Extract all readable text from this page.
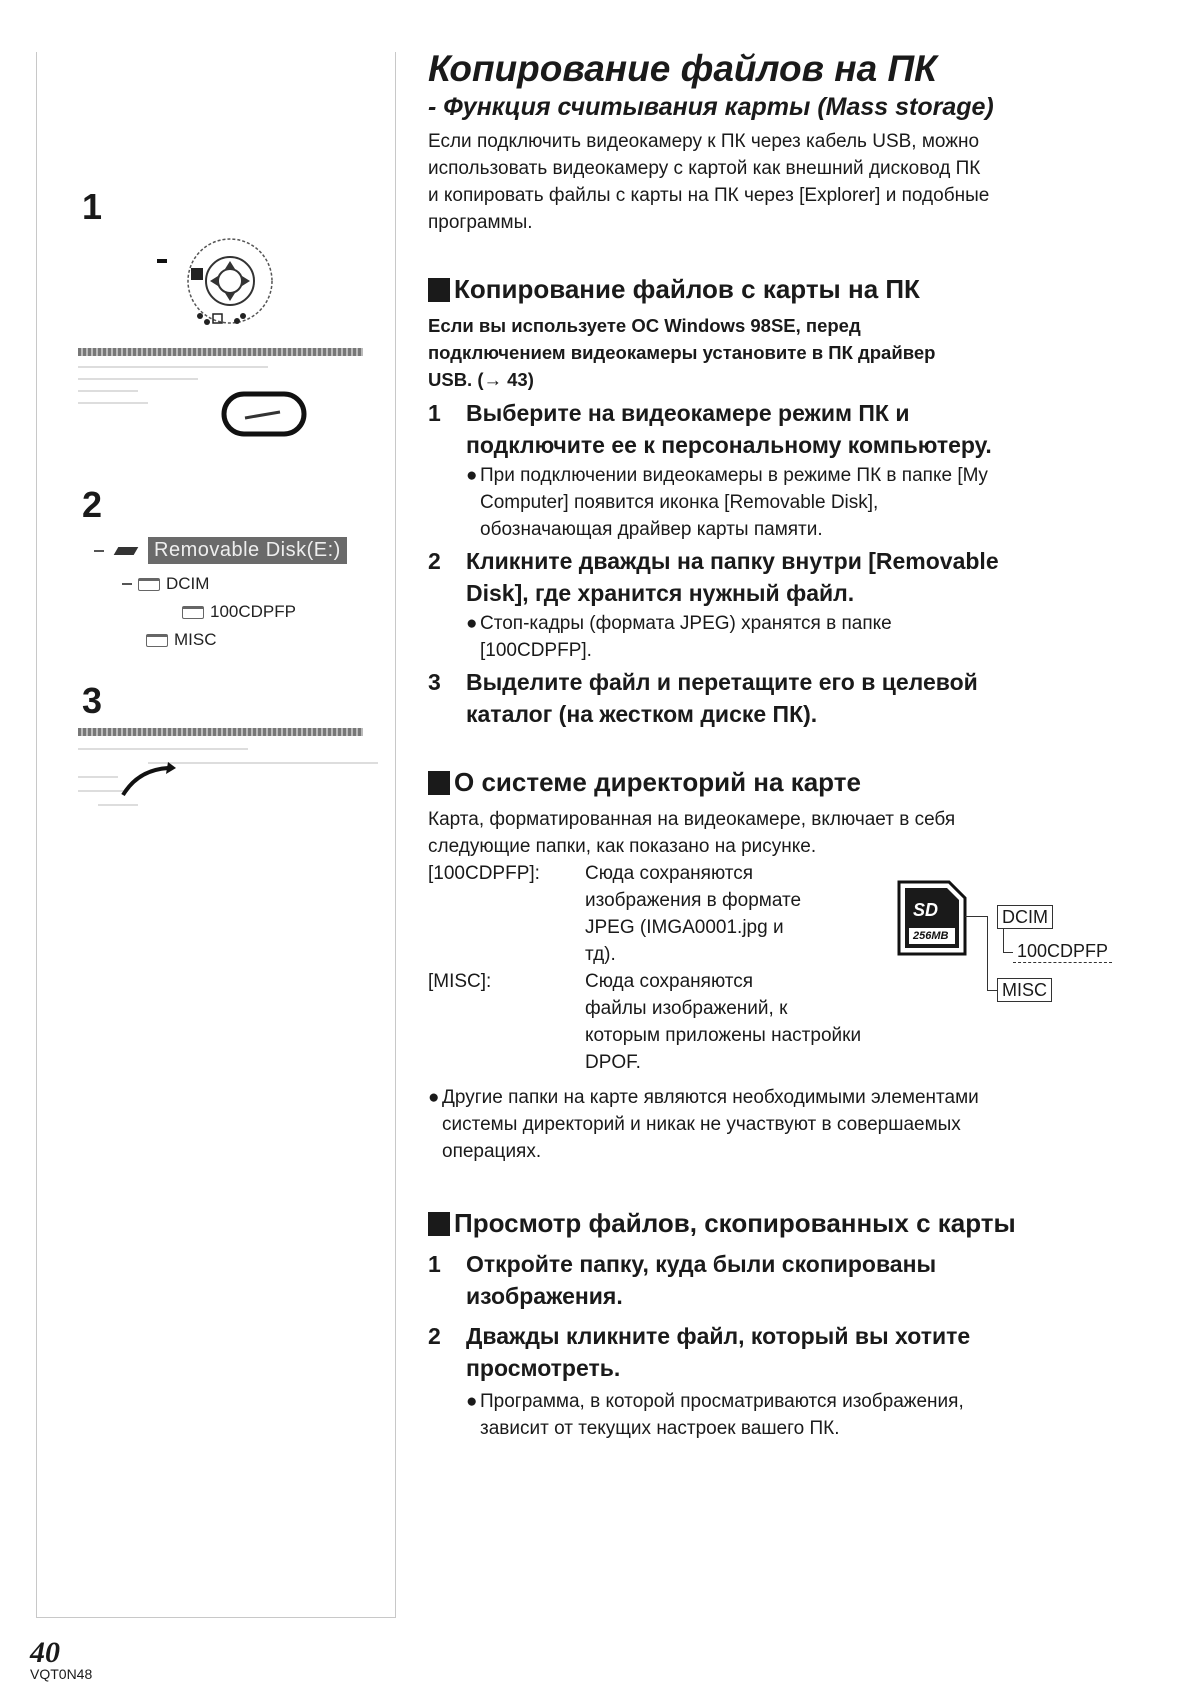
1
2
Removable Disk(E:)
DCIM
100CDPFP
MISC
3
Копирование файлов на ПК
- Функция считывания карты (Mass storage)
Если подключить видеокамеру к ПК через кабель USB, можно
использовать видеокамеру с картой как внешний дисковод ПК
и копировать файлы с карты на ПК через [Explorer] и подобные
программы.
Копирование файлов с карты на ПК
Если вы используете ОС Windows 98SE, перед
подключением видеокамеры установите в ПК драйвер
USB. (→ 43)
1	Выберите на видеокамере режим ПК и
подключите ее к персональному компьютеру.
● При подключении видеокамеры в режиме ПК в папке [My
Computer] появится иконка [Removable Disk],
обозначающая драйвер карты памяти.
2	Кликните дважды на папку внутри [Removable
Disk], где хранится нужный файл.
● Стоп-кадры (формата JPEG) хранятся в папке
[100CDPFP].
3	Выделите файл и перетащите его в целевой
каталог (на жестком диске ПК).
О системе директорий на карте
Карта, форматированная на видеокамере, включает в себя
следующие папки, как показано на рисунке.
[100CDPFP]:	Сюда сохраняются
изображения в формате
JPEG (IMGA0001.jpg и
тд).
[MISC]:	Сюда сохраняются
файлы изображений, к
которым приложены настройки DPOF.
SD
256MB
DCIM
100CDPFP
MISC
● Другие папки на карте являются необходимыми элементами
системы директорий и никак не участвуют в совершаемых
операциях.
Просмотр файлов, скопированных с карты
1	Откройте папку, куда были скопированы
изображения.
2	Дважды кликните файл, который вы хотите
просмотреть.
● Программа, в которой просматриваются изображения,
зависит от текущих настроек вашего ПК.
40
VQT0N48
